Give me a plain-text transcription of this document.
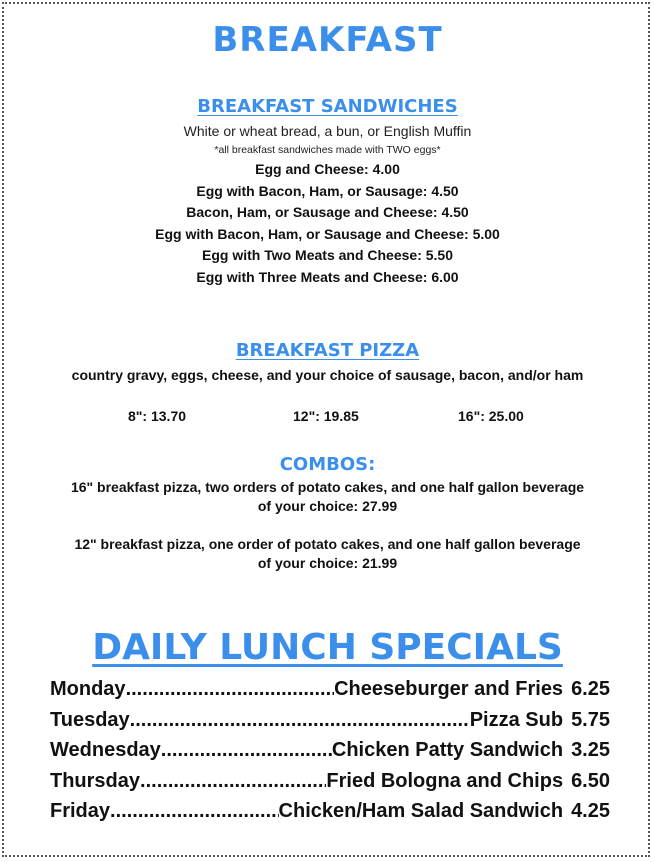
BREAKFAST
BREAKFAST SANDWICHES
White or wheat bread, a bun, or English Muffin
*all breakfast sandwiches made with TWO eggs*
Egg and Cheese: 4.00
Egg with Bacon, Ham, or Sausage: 4.50
Bacon, Ham, or Sausage and Cheese: 4.50
Egg with Bacon, Ham, or Sausage and Cheese: 5.00
Egg with Two Meats and Cheese: 5.50
Egg with Three Meats and Cheese: 6.00
BREAKFAST PIZZA
country gravy, eggs, cheese, and your choice of sausage, bacon, and/or ham
8": 13.70	12": 19.85	16": 25.00
COMBOS:
16" breakfast pizza, two orders of potato cakes, and one half gallon beverage
of your choice: 27.99
12" breakfast pizza, one order of potato cakes, and one half gallon beverage
of your choice: 21.99
DAILY LUNCH SPECIALS
Monday .....	Cheeseburger and Fries 6.25
Tuesday .....	Pizza Sub 5.75
Wednesday .....	Chicken Patty Sandwich 3.25
Thursday .....	Fried Bologna and Chips 6.50
Friday .....	Chicken/Ham Salad Sandwich 4.25
